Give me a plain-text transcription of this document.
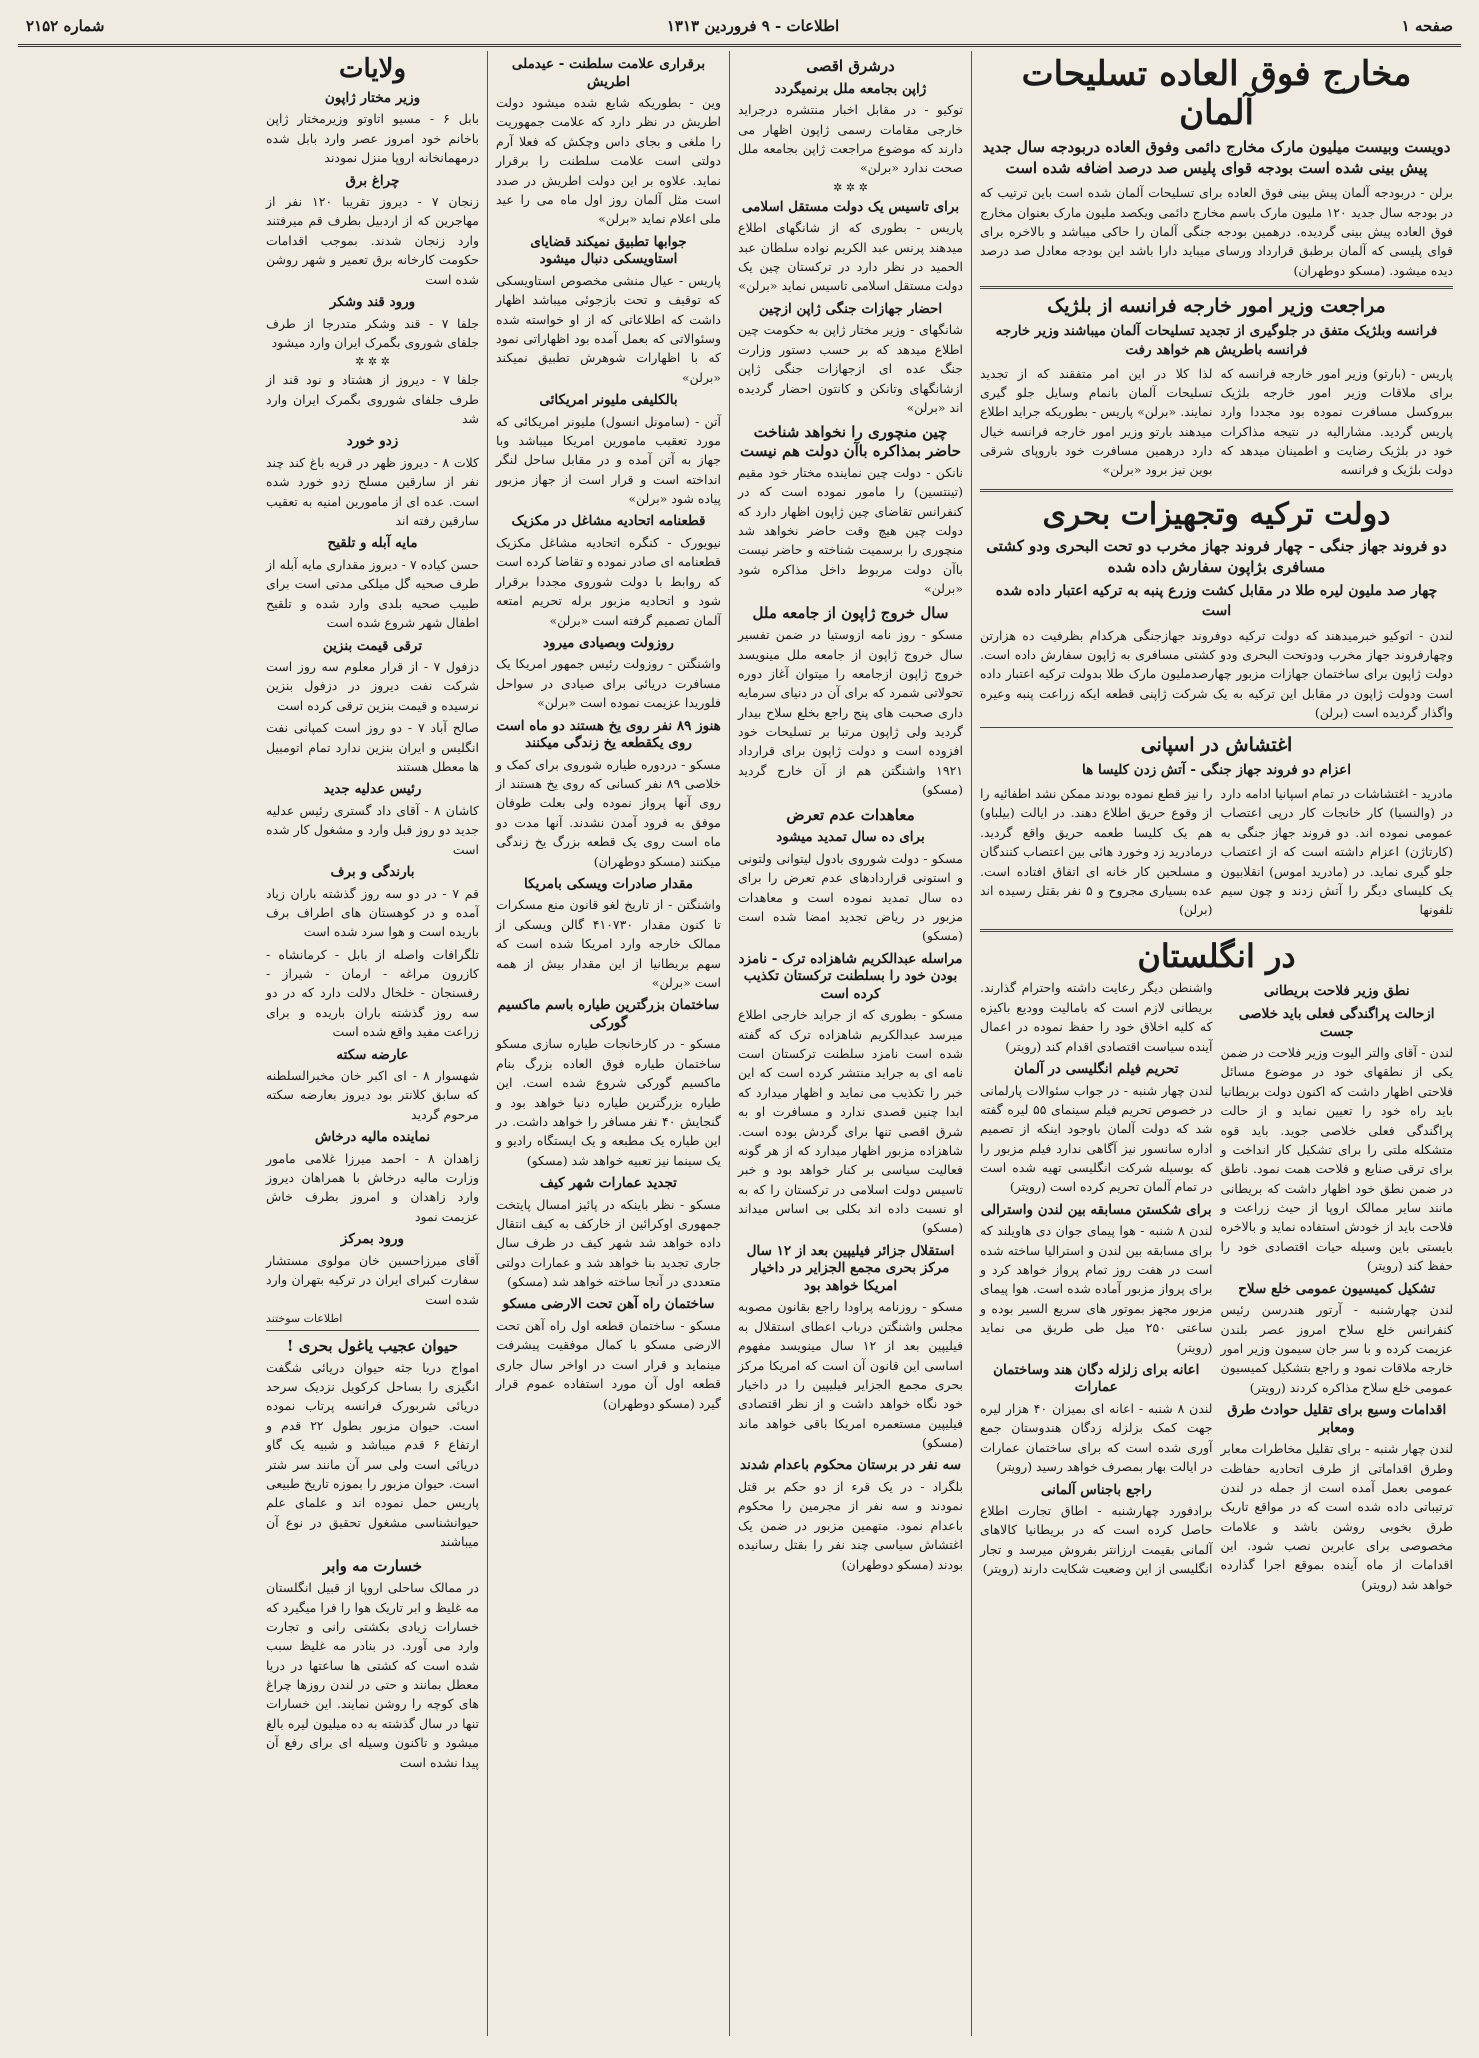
صفحه ۱
اطلاعات - ۹ فروردین ۱۳۱۳
شماره ۲۱۵۲
مخارج فوق العاده تسلیحات آلمان
دویست وبیست میلیون مارک مخارج دائمی وفوق العاده دربودجه سال جدید پیش بینی شده است بودجه قوای پلیس صد درصد اضافه شده است

برلن - دربودجه آلمان پیش بینی فوق العاده برای تسلیحات آلمان شده است باین ترتیب که در بودجه سال جدید ۱۲۰ ملیون مارک باسم مخارج دائمی ویکصد ملیون مارک بعنوان مخارج فوق العاده پیش بینی گردیده. درهمین بودجه جنگی آلمان را حاکی میباشد و بالاخره برای قوای پلیسی که آلمان برطبق قرارداد ورسای میباید دارا باشد این بودجه معادل صد درصد دیده میشود. (مسکو دوطهران)

مراجعت وزیر امور خارجه فرانسه از بلژیک
فرانسه وبلژیک متفق در جلوگیری از تجدید تسلیحات آلمان میباشند وزیر خارجه فرانسه باطریش هم خواهد رفت

پاریس - (بارتو) وزیر امور خارجه فرانسه که برای ملاقات وزیر امور خارجه بلژیک ببروکسل مسافرت نموده بود مجددا وارد پاریس گردید. مشارالیه در نتیجه مذاکرات خود در بلژیک رضایت و اطمینان میدهد که دولت بلژیک و فرانسه

لذا کلا در این امر متفقند که از تجدید تسلیحات آلمان بانمام وسایل جلو گیری نمایند. «برلن» پاریس - بطوریکه جراید اطلاع میدهند بارتو وزیر امور خارجه فرانسه خیال دارد درهمین مسافرت خود باروپای شرقی بوین نیز برود «برلن»

دولت ترکیه وتجهیزات بحری
دو فروند جهاز جنگی - چهار فروند جهاز مخرب دو تحت البحری ودو کشتی مسافری بژاپون سفارش داده شده
چهار صد ملیون لیره طلا در مقابل کشت وزرع پنبه به ترکیه اعتبار داده شده است

لندن - اتوکیو خبرمیدهند که دولت ترکیه دوفروند جهازجنگی هرکدام بظرفیت ده هزارتن وچهارفروند جهاز مخرب ودوتحت البحری ودو کشتی مسافری به ژاپون سفارش داده است. دولت ژاپون برای ساختمان جهازات مزبور چهارصدملیون مارک طلا بدولت ترکیه اعتبار داده است ودولت ژاپون در مقابل این ترکیه به یک شرکت ژاپنی قطعه ایکه زراعت پنبه وعیره واگذار گردیده است (برلن)

اغتشاش در اسپانی
اعزام دو فروند جهاز جنگی - آتش زدن کلیسا ها

مادرید - اغتشاشات در تمام اسپانیا ادامه دارد در (والنسیا) کار خانجات کار درپی اعتصاب عمومی نموده اند. دو فروند جهاز جنگی به (کارتاژن) اعزام داشته است که از اعتصاب جلو گیری نماید. در (مادرید اموس) انقلابیون یک کلیسای دیگر را آتش زدند و چون سیم تلفونها

را نیز قطع نموده بودند ممکن نشد اطفائیه را از وقوع حریق اطلاع دهند. در ایالت (بیلباو) هم یک کلیسا طعمه حریق واقع گردید. درمادرید زد وخورد هائی بین اعتصاب کنندگان و مسلحین کار خانه ای اتفاق افتاده است. عده بسیاری مجروح و ۵ نفر بقتل رسیده اند (برلن)

در انگلستان
نطق وزیر فلاحت بریطانی
ازحالت پراگندگی فعلی باید خلاصی جست

لندن - آقای والتر الیوت وزیر فلاحت در ضمن یکی از نطقهای خود در موضوع مسائل فلاحتی اظهار داشت که اکنون دولت بریطانیا باید راه خود را تعیین نماید و از حالت پراگندگی فعلی خلاصی جوید. باید قوه متشکله ملتی را برای تشکیل کار انداخت و برای ترقی صنایع و فلاحت همت نمود. ناطق در ضمن نطق خود اظهار داشت که بریطانی مانند سایر ممالک اروپا از حیث زراعت و فلاحت باید از خودش استفاده نماید و بالاخره بایستی باین وسیله حیات اقتصادی خود را حفظ کند (رویتر)

تشکیل کمیسیون عمومی خلع سلاح

لندن چهارشنبه - آرتور هندرسن رئیس کنفرانس خلع سلاح امروز عصر بلندن عزیمت کرده و با سر جان سیمون وزیر امور خارجه ملاقات نمود و راجع بتشکیل کمیسیون عمومی خلع سلاح مذاکره کردند (رویتر)

اقدامات وسیع برای تقلیل حوادث طرق ومعابر

لندن چهار شنبه - برای تقلیل مخاطرات معابر وطرق اقداماتی از طرف اتحادیه حفاظت عمومی بعمل آمده است از جمله در لندن ترتیباتی داده شده است که در مواقع تاریک طرق بخوبی روشن باشد و علامات مخصوصی برای عابرین نصب شود. این اقدامات از ماه آینده بموقع اجرا گذارده خواهد شد (رویتر)

واشنطن دیگر رعایت داشته واحترام گذارند. بریطانی لازم است که بامالیت وودیع باکیزه که کلیه اخلاق خود را حفظ نموده در اعمال آینده سیاست اقتصادی اقدام کند (رویتر)

تحریم فیلم انگلیسی در آلمان

لندن چهار شنبه - در جواب سئوالات پارلمانی در خصوص تحریم فیلم سینمای ۵۵ لیره گفته شد که دولت آلمان باوجود اینکه از تصمیم اداره سانسور نیز آگاهی ندارد فیلم مزبور را که بوسیله شرکت انگلیسی تهیه شده است در تمام آلمان تحریم کرده است (رویتر)

برای شکستن مسابقه بین لندن واسترالی

لندن ۸ شنبه - هوا پیمای جوان دی هاویلند که برای مسابقه بین لندن و استرالیا ساخته شده است در هفت روز تمام پرواز خواهد کرد و برای پرواز مزبور آماده شده است. هوا پیمای مزبور مجهز بموتور های سریع السیر بوده و ساعتی ۲۵۰ میل طی طریق می نماید (رویتر)

اعانه برای زلزله دگان هند وساختمان عمارات

لندن ۸ شنبه - اعانه ای بمیزان ۴۰ هزار لیره جهت کمک بزلزله زدگان هندوستان جمع آوری شده است که برای ساختمان عمارات در ایالت بهار بمصرف خواهد رسید (رویتر)

راجع باجناس آلمانی

برادفورد چهارشنبه - اطاق تجارت اطلاع حاصل کرده است که در بریطانیا کالاهای آلمانی بقیمت ارزانتر بفروش میرسد و تجار انگلیسی از این وضعیت شکایت دارند (رویتر)

درشرق اقصی
ژاپن بجامعه ملل برنمیگردد

توکیو - در مقابل اخبار منتشره درجراید خارجی مقامات رسمی ژاپون اظهار می دارند که موضوع مراجعت ژاپن بجامعه ملل صحت ندارد «برلن»

✲ ✲ ✲
برای تاسیس یک دولت مستقل اسلامی

پاریس - بطوری که از شانگهای اطلاع میدهند پرنس عبد الکریم نواده سلطان عبد الحمید در نظر دارد در ترکستان چین یک دولت مستقل اسلامی تاسیس نماید «برلن»

احضار جهازات جنگی ژاپن ازچین

شانگهای - وزیر مختار ژاپن به حکومت چین اطلاع میدهد که بر حسب دستور وزارت جنگ عده ای ازجهازات جنگی ژاپن ازشانگهای وتانکن و کانتون احضار گردیده اند «برلن»

چین منچوری را نخواهد شناخت حاضر بمذاکره باآن دولت هم نیست

نانکن - دولت چین نماینده مختار خود مقیم (تینتسین) را مامور نموده است که در کنفرانس تقاضای چین ژاپون اظهار دارد که دولت چین هیچ وقت حاضر نخواهد شد منچوری را برسمیت شناخته و حاضر نیست باآن دولت مربوط داخل مذاکره شود «برلن»

سال خروج ژاپون از جامعه ملل

مسکو - روز نامه ازوستیا در ضمن تفسیر سال خروج ژاپون از جامعه ملل مینویسد خروج ژاپون ازجامعه را میتوان آغاز دوره تحولاتی شمرد که برای آن در دنیای سرمایه داری صحبت های پنج راجع بخلع سلاح بیدار گردید ولی ژاپون مرتبا بر تسلیحات خود افزوده است و دولت ژاپون برای قرارداد ۱۹۲۱ واشنگتن هم از آن خارج گردید (مسکو)

معاهدات عدم تعرض
برای ده سال تمدید میشود

مسکو - دولت شوروی بادول لیتوانی ولتونی و استونی قراردادهای عدم تعرض را برای ده سال تمدید نموده است و معاهدات مزبور در ریاض تجدید امضا شده است (مسکو)

مراسله عبدالکریم شاهزاده ترک - نامزد بودن خود را بسلطنت ترکستان تکذیب کرده است

مسکو - بطوری که از جراید خارجی اطلاع میرسد عبدالکریم شاهزاده ترک که گفته شده است نامزد سلطنت ترکستان است نامه ای به جراید منتشر کرده است که این خبر را تکذیب می نماید و اظهار میدارد که ابدا چنین قصدی ندارد و مسافرت او به شرق اقصی تنها برای گردش بوده است. شاهزاده مزبور اظهار میدارد که از هر گونه فعالیت سیاسی بر کنار خواهد بود و خبر تاسیس دولت اسلامی در ترکستان را که به او نسبت داده اند بکلی بی اساس میداند (مسکو)

استقلال جزائر فیلیپین بعد از ۱۲ سال مرکز بحری مجمع الجزایر در داخیار امریکا خواهد بود

مسکو - روزنامه پراودا راجع بقانون مصوبه مجلس واشنگتن درباب اعطای استقلال به فیلیپین بعد از ۱۲ سال مینویسد مفهوم اساسی این قانون آن است که امریکا مرکز بحری مجمع الجزایر فیلیپین را در داخیار خود نگاه خواهد داشت و از نظر اقتصادی فیلیپین مستعمره امریکا باقی خواهد ماند (مسکو)

سه نفر در برستان محکوم باعدام شدند

بلگراد - در یک قرء از دو حکم بر قتل نمودند و سه نفر از مجرمین را محکوم باعدام نمود. متهمین مزبور در ضمن یک اغتشاش سیاسی چند نفر را بقتل رسانیده بودند (مسکو دوطهران)

برقراری علامت سلطنت - عیدملی اطریش

وین - بطوریکه شایع شده میشود دولت اطریش در نظر دارد که علامت جمهوریت را ملغی و بجای داس وچکش که فعلا آرم دولتی است علامت سلطنت را برقرار نماید. علاوه بر این دولت اطریش در صدد است مثل آلمان روز اول ماه می را عید ملی اعلام نماید «برلن»

جوابها تطبیق نمیکند قضایای استاویسکی دنبال میشود

پاریس - عیال منشی مخصوص استاویسکی که توقیف و تحت بازجوئی میباشد اظهار داشت که اطلاعاتی که از او خواسته شده وسئوالاتی که بعمل آمده بود اظهاراتی نمود که با اظهارات شوهرش تطبیق نمیکند «برلن»

بالکلیفی ملیونر امریکائی

آتن - (سامونل انسول) ملیونر امریکائی که مورد تعقیب مامورین امریکا میباشد وبا جهاز به آتن آمده و در مقابل ساحل لنگر انداخته است و قرار است از جهاز مزبور پیاده شود «برلن»

قطعنامه اتحادیه مشاغل در مکزیک

نیویورک - کنگره اتحادیه مشاغل مکزیک قطعنامه ای صادر نموده و تقاضا کرده است که روابط با دولت شوروی مجددا برقرار شود و اتحادیه مزبور برله تحریم امتعه آلمان تصمیم گرفته است «برلن»

روزولت وبصیادی میرود

واشنگتن - روزولت رئیس جمهور امریکا یک مسافرت دریائی برای صیادی در سواحل فلوریدا عزیمت نموده است «برلن»

هنوز ۸۹ نفر روی یخ هستند دو ماه است روی یکقطعه یخ زندگی میکنند

مسکو - دردوره طیاره شوروی برای کمک و خلاصی ۸۹ نفر کسانی که روی یخ هستند از روی آنها پرواز نموده ولی بعلت طوفان موفق به فرود آمدن نشدند. آنها مدت دو ماه است روی یک قطعه بزرگ یخ زندگی میکنند (مسکو دوطهران)

مقدار صادرات ویسکی بامریکا

واشنگتن - از تاریخ لغو قانون منع مسکرات تا کنون مقدار ۴۱۰۷۳۰ گالن ویسکی از ممالک خارجه وارد امریکا شده است که سهم بریطانیا از این مقدار بیش از همه است «برلن»

ساختمان بزرگترین طیاره باسم ماکسیم گورکی

مسکو - در کارخانجات طیاره سازی مسکو ساختمان طیاره فوق العاده بزرگ بنام ماکسیم گورکی شروع شده است. این طیاره بزرگترین طیاره دنیا خواهد بود و گنجایش ۴۰ نفر مسافر را خواهد داشت. در این طیاره یک مطبعه و یک ایستگاه رادیو و یک سینما نیز تعبیه خواهد شد (مسکو)

تجدید عمارات شهر کیف

مسکو - نظر باینکه در پائیز امسال پایتخت جمهوری اوکرائین از خارکف به کیف انتقال داده خواهد شد شهر کیف در ظرف سال جاری تجدید بنا خواهد شد و عمارات دولتی متعددی در آنجا ساخته خواهد شد (مسکو)

ساختمان راه آهن تحت الارضی مسکو

مسکو - ساختمان قطعه اول راه آهن تحت الارضی مسکو با کمال موفقیت پیشرفت مینماید و قرار است در اواخر سال جاری قطعه اول آن مورد استفاده عموم قرار گیرد (مسکو دوطهران)

ولایات
وزیر مختار ژاپون

بابل ۶ - مسیو اتاوتو وزیرمختار ژاپن باخانم خود امروز عصر وارد بابل شده درمهمانخانه اروپا منزل نمودند

چراغ برق

زنجان ۷ - دیروز تقریبا ۱۲۰ نفر از مهاجرین که از اردبیل بطرف قم میرفتند وارد زنجان شدند. بموجب اقدامات حکومت کارخانه برق تعمیر و شهر روشن شده است

ورود قند وشکر

جلفا ۷ - قند وشکر متدرجا از طرف جلفای شوروی بگمرک ایران وارد میشود

✲ ✲ ✲

جلفا ۷ - دیروز از هشتاد و نود قند از طرف جلفای شوروی بگمرک ایران وارد شد

زدو خورد

کلات ۸ - دیروز ظهر در قریه باغ کند چند نفر از سارقین مسلح زدو خورد شده است. عده ای از مامورین امنیه به تعقیب سارقین رفته اند

مایه آبله و تلقیح

حسن کیاده ۷ - دیروز مقداری مایه آبله از طرف صحیه گل میلکی مدتی است برای طبیب صحیه بلدی وارد شده و تلقیح اطفال شهر شروع شده است

ترقی قیمت بنزین

دزفول ۷ - از قرار معلوم سه روز است شرکت نفت دیروز در دزفول بنزین نرسیده و قیمت بنزین ترقی کرده است

صالح آباد ۷ - دو روز است کمپانی نفت انگلیس و ایران بنزین ندارد تمام اتومبیل ها معطل هستند

رئیس عدلیه جدید

کاشان ۸ - آقای داد گستری رئیس عدلیه جدید دو روز قبل وارد و مشغول کار شده است

بارندگی و برف

قم ۷ - در دو سه روز گذشته باران زیاد آمده و در کوهستان های اطراف برف باریده است و هوا سرد شده است

تلگرافات واصله از بابل - کرمانشاه - کازرون مراغه - ارمان - شیراز - رفسنجان - خلخال دلالت دارد که در دو سه روز گذشته باران باریده و برای زراعت مفید واقع شده است

عارضه سکته

شهسوار ۸ - ای اکبر خان مخبرالسلطنه که سابق کلانتر بود دیروز بعارضه سکته مرحوم گردید

نماینده مالیه درخاش

زاهدان ۸ - احمد میرزا غلامی مامور وزارت مالیه درخاش با همراهان دیروز وارد زاهدان و امروز بطرف خاش عزیمت نمود

ورود بمرکز

آقای میرزاحسین خان مولوی مستشار سفارت کبرای ایران در ترکیه بتهران وارد شده است

اطلاعات سوختند
حیوان عجیب یاغول بحری !

امواج دریا جثه حیوان دریائی شگفت انگیزی را بساحل کرکویل نزدیک سرحد دریائی شربورک فرانسه پرتاب نموده است. حیوان مزبور بطول ۲۲ قدم و ارتفاع ۶ قدم میباشد و شبیه یک گاو دریائی است ولی سر آن مانند سر شتر است. حیوان مزبور را بموزه تاریخ طبیعی پاریس حمل نموده اند و علمای علم حیوانشناسی مشغول تحقیق در نوع آن میباشند

خسارت مه وابر

در ممالک ساحلی اروپا از قبیل انگلستان مه غلیظ و ابر تاریک هوا را فرا میگیرد که خسارات زیادی بکشتی رانی و تجارت وارد می آورد. در بنادر مه غلیظ سبب شده است که کشتی ها ساعتها در دریا معطل بمانند و حتی در لندن روزها چراغ های کوچه را روشن نمایند. این خسارات تنها در سال گذشته به ده میلیون لیره بالغ میشود و تاکنون وسیله ای برای رفع آن پیدا نشده است
